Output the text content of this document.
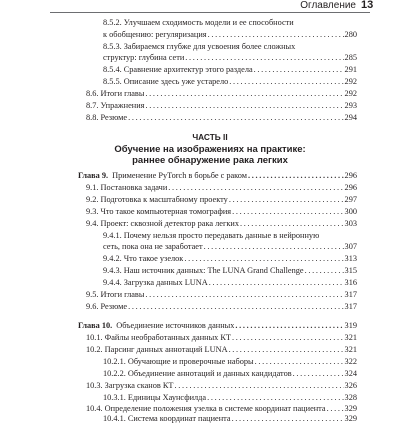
Оглавление 13
8.5.2. Улучшаем сходимость модели и ее способности
к обобщению: регуляризация . . .	280
8.5.3. Забираемся глубже для усвоения более сложных
структур: глубина сети . . .	285
8.5.4. Сравнение архитектур этого раздела . . .	291
8.5.5. Описание здесь уже устарело . . .	292
8.6. Итоги главы . . .	292
8.7. Упражнения . . .	293
8.8. Резюме . . .	294
ЧАСТЬ II
Обучение на изображениях на практике:
раннее обнаружение рака легких
Глава 9. Применение PyTorch в борьбе с раком . . .	296
9.1. Постановка задачи . . .	296
9.2. Подготовка к масштабному проекту . . .	297
9.3. Что такое компьютерная томография . . .	300
9.4. Проект: сквозной детектор рака легких . . .	303
9.4.1. Почему нельзя просто передавать данные в нейронную
сеть, пока она не заработает . . .	307
9.4.2. Что такое узелок . . .	313
9.4.3. Наш источник данных: The LUNA Grand Challenge . . .	315
9.4.4. Загрузка данных LUNA . . .	316
9.5. Итоги главы . . .	317
9.6. Резюме . . .	317
Глава 10. Объединение источников данных . . .	319
10.1. Файлы необработанных данных КТ . . .	321
10.2. Парсинг данных аннотаций LUNA . . .	321
10.2.1. Обучающие и проверочные наборы . . .	322
10.2.2. Объединение аннотаций и данных кандидатов . . .	324
10.3. Загрузка сканов КТ . . .	326
10.3.1. Единицы Хаунсфилда . . .	328
10.4. Определение положения узелка в системе координат пациента . . . 329
10.4.1. Система координат пациента . . .	329
